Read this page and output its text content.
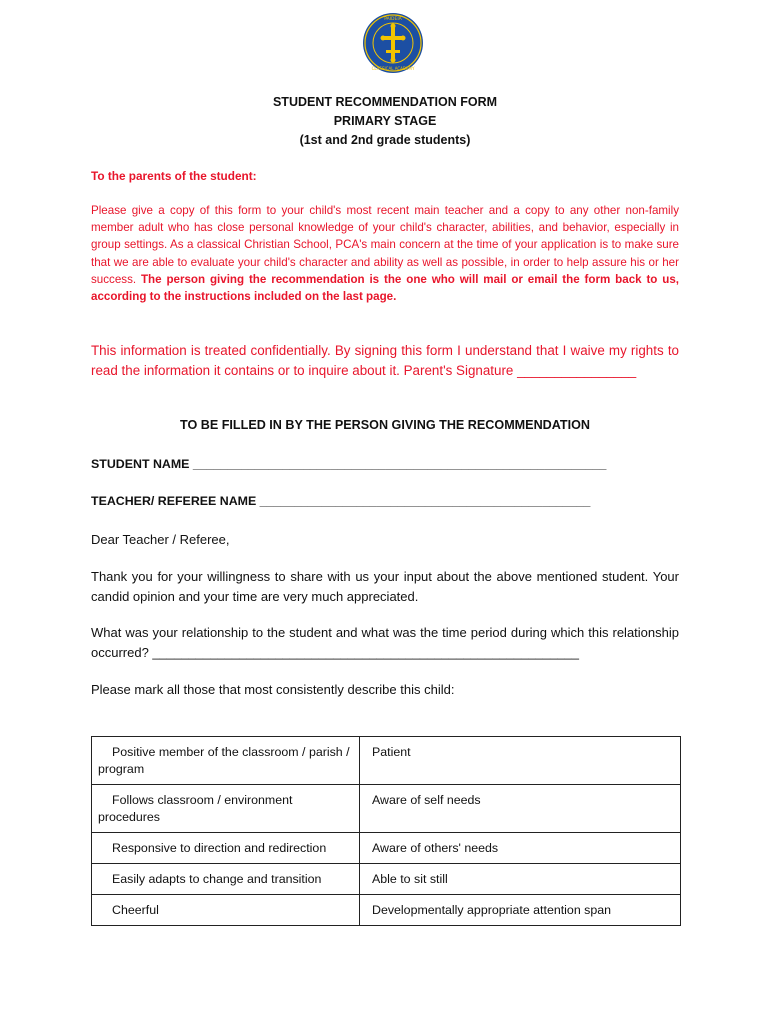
PAIDEIA
CLASSICAL ACADEMY
STUDENT RECOMMENDATION FORM
PRIMARY STAGE
(1st and 2nd grade students)
To the parents of the student:
Please give a copy of this form to your child's most recent main teacher and a copy to any other non-family member adult who has close personal knowledge of your child's character, abilities, and behavior, especially in group settings. As a classical Christian School, PCA's main concern at the time of your application is to make sure that we are able to evaluate your child's character and ability as well as possible, in order to help assure his or her success. The person giving the recommendation is the one who will mail or email the form back to us, according to the instructions included on the last page.
This information is treated confidentially. By signing this form I understand that I waive my rights to read the information it contains or to inquire about it. Parent's Signature ________________
TO BE FILLED IN BY THE PERSON GIVING THE RECOMMENDATION
STUDENT NAME ____________________________________________________________
TEACHER/ REFEREE NAME ________________________________________________
Dear Teacher / Referee,
Thank you for your willingness to share with us your input about the above mentioned student. Your candid opinion and your time are very much appreciated.
What was your relationship to the student and what was the time period during which this relationship occurred? ___________________________________________________________
Please mark all those that most consistently describe this child:
Positive member of the classroom / parish / program	Patient
Follows classroom / environment procedures	Aware of self needs
Responsive to direction and redirection	Aware of others' needs
Easily adapts to change and transition	Able to sit still
Cheerful	Developmentally appropriate attention span
